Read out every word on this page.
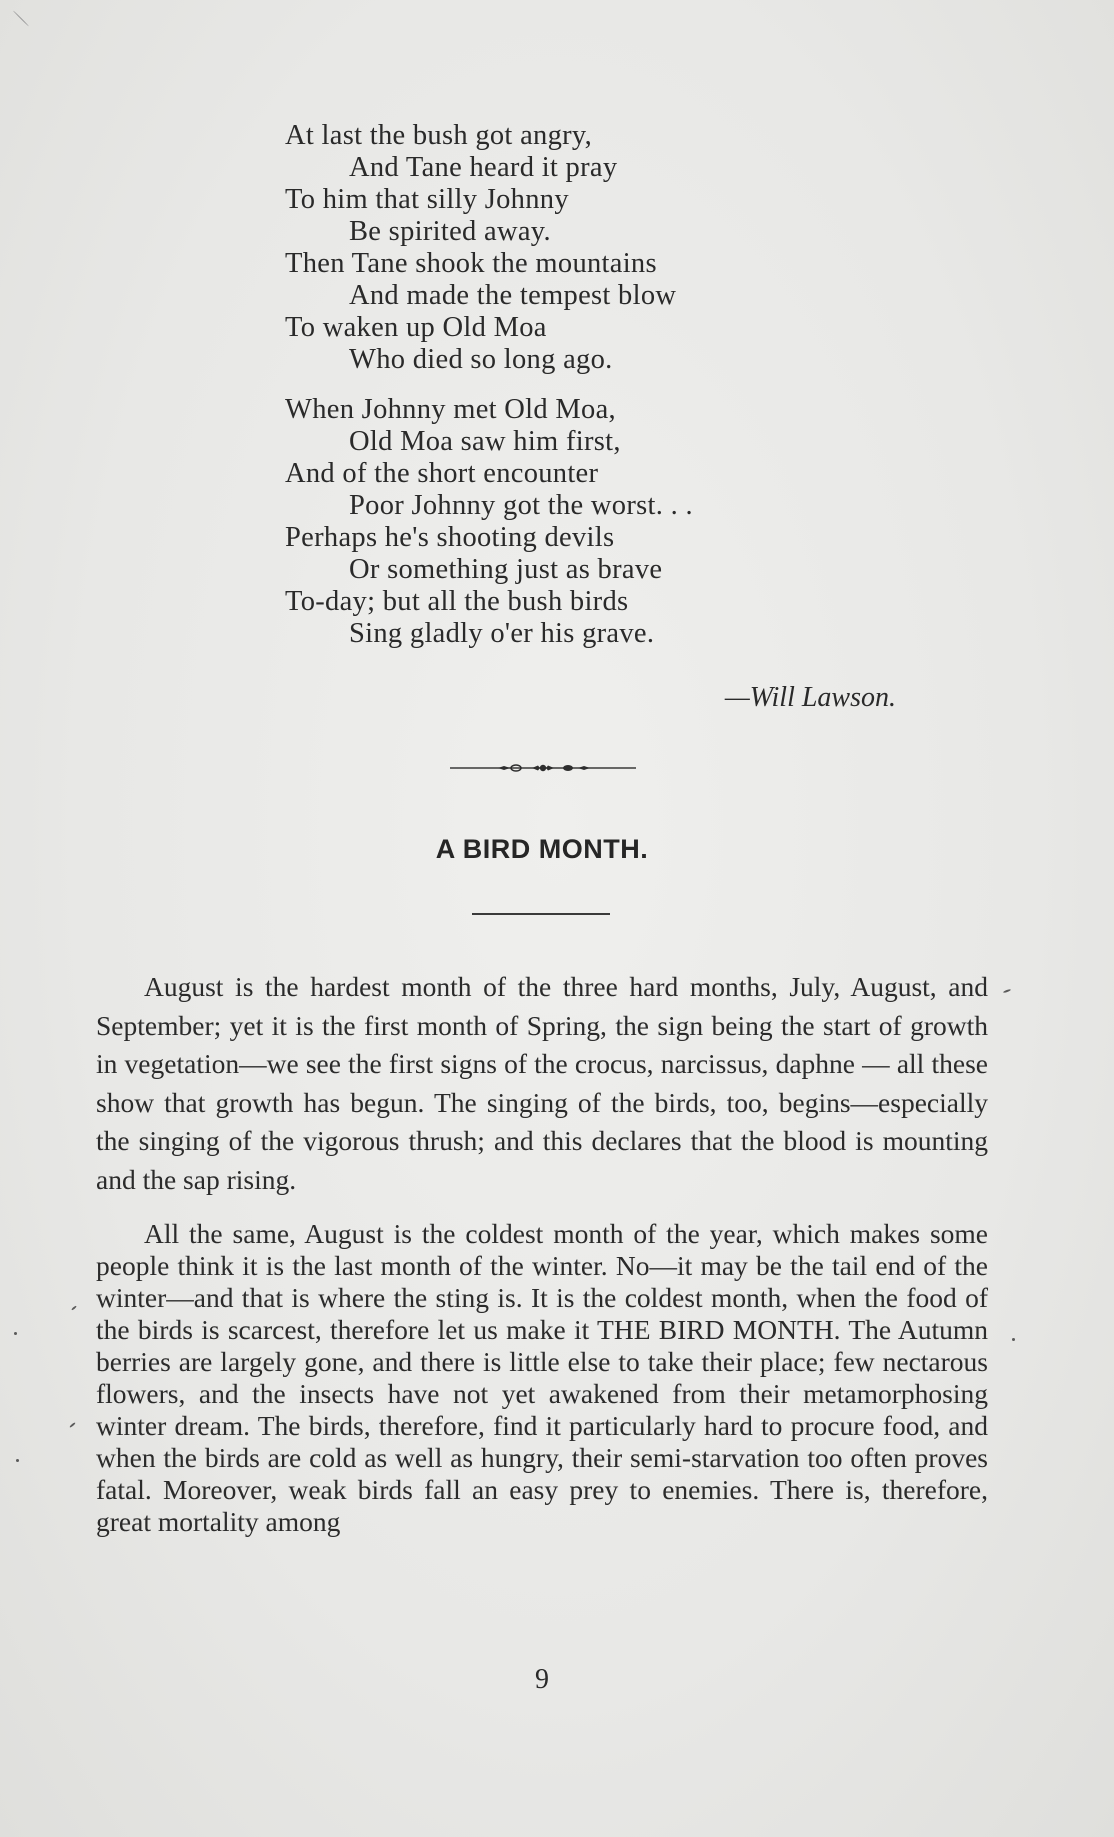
At last the bush got angry,
And Tane heard it pray
To him that silly Johnny
Be spirited away.
Then Tane shook the mountains
And made the tempest blow
To waken up Old Moa
Who died so long ago.
When Johnny met Old Moa,
Old Moa saw him first,
And of the short encounter
Poor Johnny got the worst. . .
Perhaps he's shooting devils
Or something just as brave
To-day; but all the bush birds
Sing gladly o'er his grave.
—Will Lawson.
A BIRD MONTH.

August is the hardest month of the three hard months, July, August, and September; yet it is the first month of Spring, the sign being the start of growth in vegetation—we see the first signs of the crocus, narcissus, daphne — all these show that growth has begun. The singing of the birds, too, begins—especially the singing of the vigorous thrush; and this declares that the blood is mounting and the sap rising.

All the same, August is the coldest month of the year, which makes some people think it is the last month of the winter. No—it may be the tail end of the winter—and that is where the sting is. It is the coldest month, when the food of the birds is scarcest, therefore let us make it THE BIRD MONTH. The Autumn berries are largely gone, and there is little else to take their place; few nectarous flowers, and the insects have not yet awakened from their metamorphosing winter dream. The birds, therefore, find it particularly hard to procure food, and when the birds are cold as well as hungry, their semi-starvation too often proves fatal. Moreover, weak birds fall an easy prey to enemies. There is, therefore, great mortality among

9
